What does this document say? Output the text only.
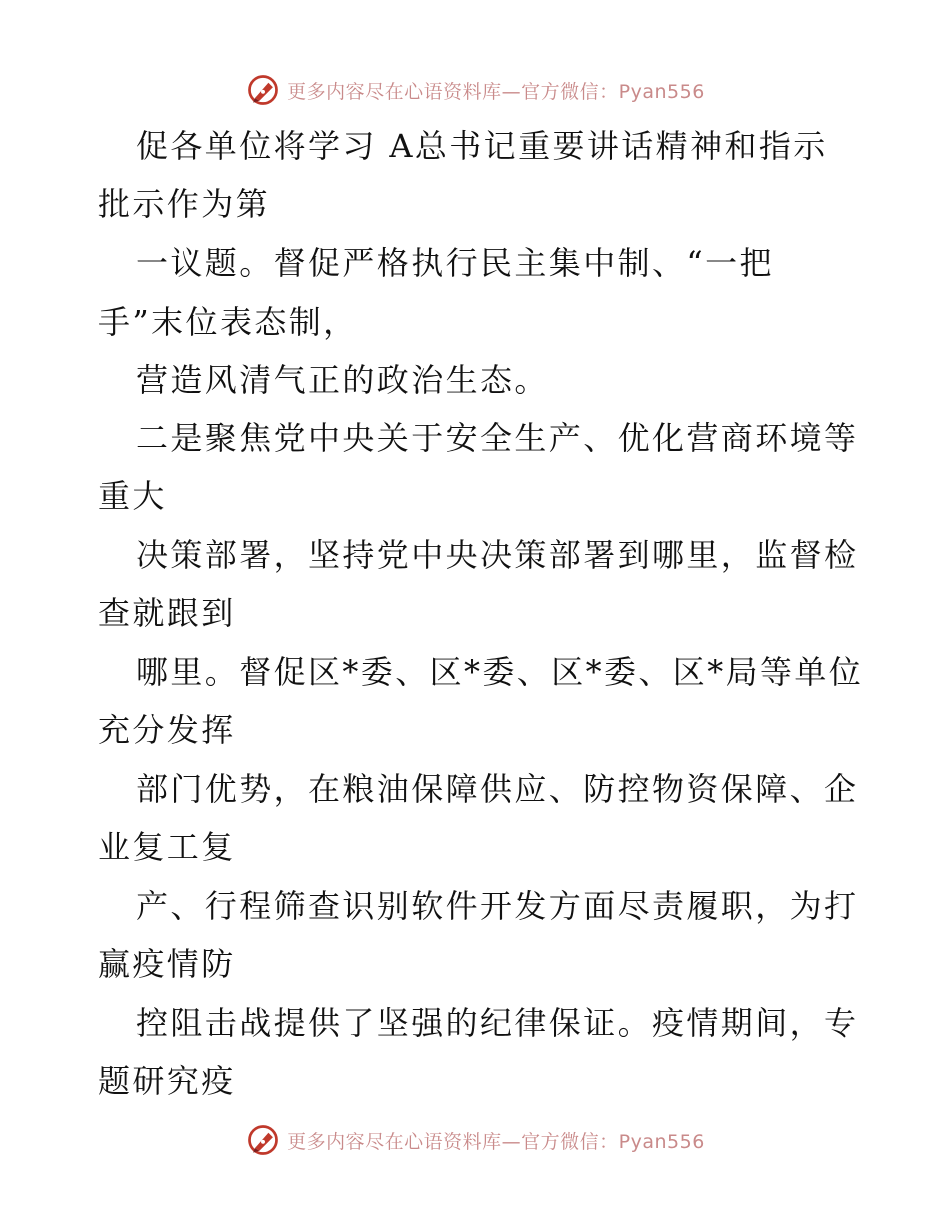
更多内容尽在心语资料库—官方微信：Pyan556
促各单位将学习 A总书记重要讲话精神和指示
批示作为第
一议题。督促严格执行民主集中制、“一把
手”末位表态制，
营造风清气正的政治生态。
二是聚焦党中央关于安全生产、优化营商环境等
重大
决策部署，坚持党中央决策部署到哪里，监督检
查就跟到
哪里。督促区*委、区*委、区*委、区*局等单位
充分发挥
部门优势，在粮油保障供应、防控物资保障、企
业复工复
产、行程筛查识别软件开发方面尽责履职，为打
赢疫情防
控阻击战提供了坚强的纪律保证。疫情期间，专
题研究疫
更多内容尽在心语资料库—官方微信：Pyan556
